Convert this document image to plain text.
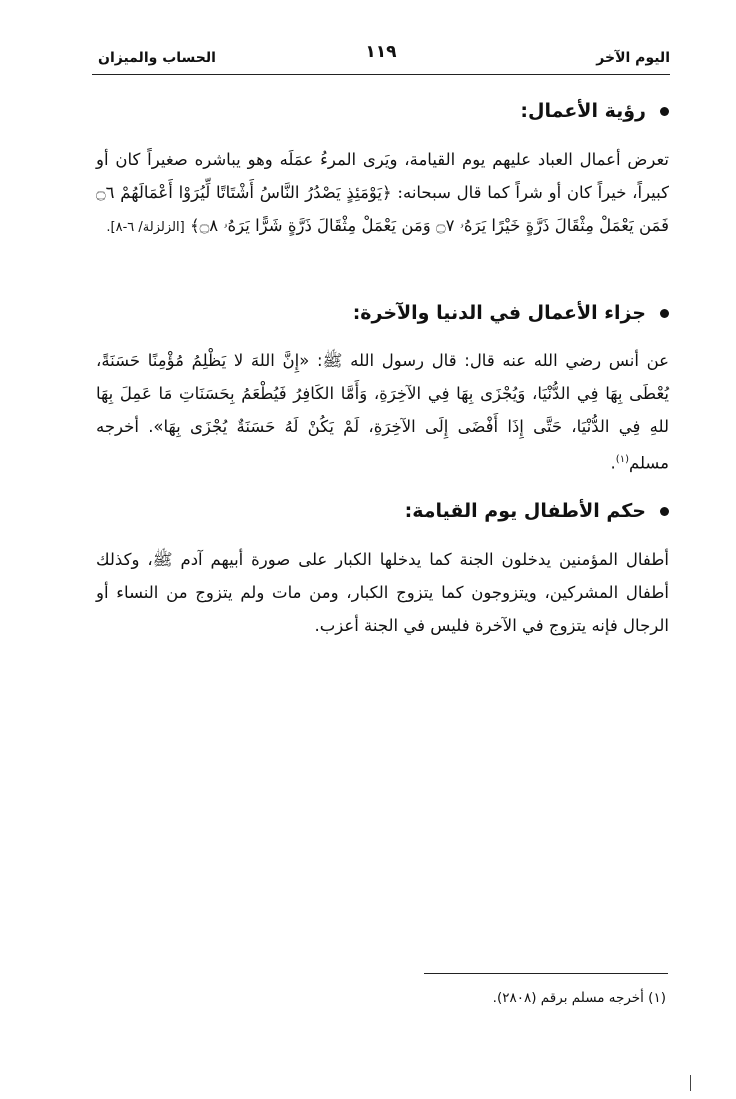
اليوم الآخر
١١٩
الحساب والميزان
رؤية الأعمال:
تعرض أعمال العباد عليهم يوم القيامة، ويَرى المرءُ عمَلَه وهو يباشره صغيراً كان أو كبيراً، خيراً كان أو شراً كما قال سبحانه: ﴿يَوْمَئِذٍ يَصْدُرُ النَّاسُ أَشْتَاتًا لِّيُرَوْا أَعْمَالَهُمْ ۝٦ فَمَن يَعْمَلْ مِثْقَالَ ذَرَّةٍ خَيْرًا يَرَهُۥ ۝٧ وَمَن يَعْمَلْ مِثْقَالَ ذَرَّةٍ شَرًّا يَرَهُۥ ۝٨﴾ [الزلزلة/ ٦-٨].
جزاء الأعمال في الدنيا والآخرة:
عن أنس رضي الله عنه قال: قال رسول الله ﷺ: «إِنَّ اللهَ لا يَظْلِمُ مُؤْمِنًا حَسَنَةً، يُعْطَى بِهَا فِي الدُّنْيَا، وَيُجْزَى بِهَا فِي الآخِرَةِ، وَأَمَّا الكَافِرُ فَيُطْعَمُ بِحَسَنَاتِ مَا عَمِلَ بِهَا للهِ فِي الدُّنْيَا، حَتَّى إِذَا أَفْضَى إِلَى الآخِرَةِ، لَمْ يَكُنْ لَهُ حَسَنَةٌ يُجْزَى بِهَا». أخرجه مسلم$^{(١)}$.
حكم الأطفال يوم القيامة:
أطفال المؤمنين يدخلون الجنة كما يدخلها الكبار على صورة أبيهم آدم ﷺ، وكذلك أطفال المشركين، ويتزوجون كما يتزوج الكبار، ومن مات ولم يتزوج من النساء أو الرجال فإنه يتزوج في الآخرة فليس في الجنة أعزب.
(١) أخرجه مسلم برقم (٢٨٠٨).
